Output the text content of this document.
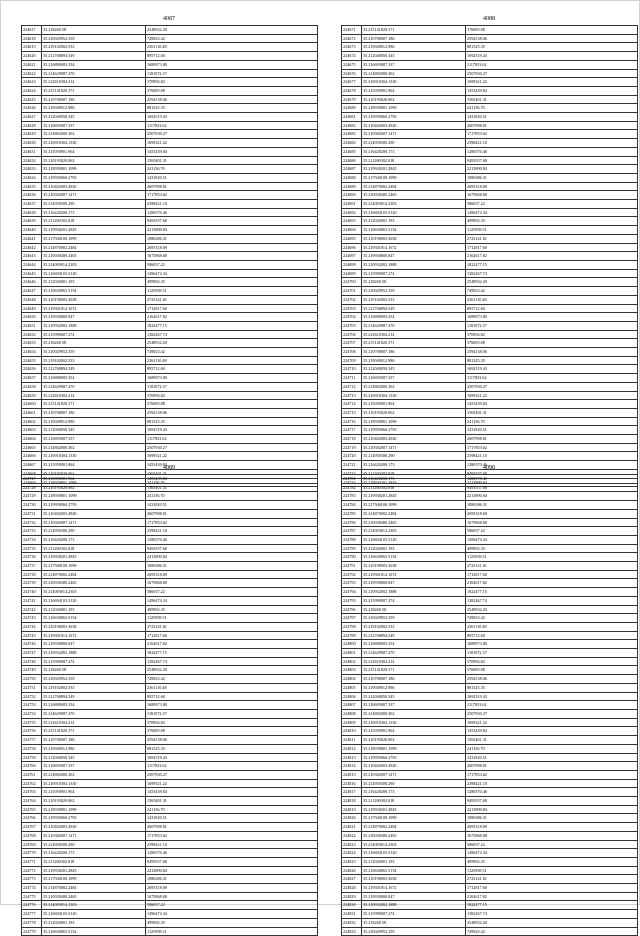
4087
224617	35.218260.58	2548932.20
224618	35.210029952.359	749023.42
224619	35.219102002.533	2361110.48
224620	35.212768894.549	895712.60
224621	35.216880693.354	1689973.80
224622	35.214629087.470	1181072.37
224623	35.212610304.214	370994.82
224624	35.215141820.371	376695.88
224625	35.210700007.186	2594138.06
224626	35.219049012.986	881325.35
224627	35.212040050.345	1692519.43
224628	35.216693007.337	1117833.62
224629	35.214802000.302	2507930.27
224630	35.216910304.1330	1699321.22
224631	35.215050901.964	1453439.84
224632	35.210193020.062	1565401.31
224633	35.218939801.1099	241156.70
224634	35.219950060.2793	1431820.51
224635	35.210402003.4920	2607998.01
224636	35.210382007.1471	1717853.62
224637	35.214950300.290	2398421.10
224638	35.216420200.173	1280370.46
224639	35.211260302.018	9493557.68
224640	35.219930201.2845	2213890.84
224641	35.217940100.1099	1086386.31
224642	35.214870002.2484	2695318.69
224643	35.210030400.2465	1675868.68
224644	35.214003014.2303	586037.22
224645	35.216694103.5120	1496474.34
224646	35.212020001.193	499992.35
224647	35.216630063.5154	1125958.51
224648	35.210190003.3638	2723141.61
224649	35.219301014.1672	1712817.60
224650	35.219930800.047	2162617.82
224651	35.210932002.1888	1822477.15
224652	35.215990007.274	1382267.74
224653	35.218260.58	2548932.20
224654	35.210029952.359	749023.42
224655	35.219102002.533	2361110.48
224656	35.212768894.549	895712.60
224657	35.216880693.354	1689973.80
224658	35.214629087.470	1181072.37
224659	35.212610304.214	370994.82
224660	35.215141820.371	376695.88
224661	35.210700007.186	2594138.06
224662	35.219049012.986	881325.35
224663	35.212040050.345	1692519.43
224664	35.216693007.337	1117833.62
224665	35.214802000.302	2507930.27
224666	35.216910304.1330	1699321.22
224667	35.215050901.964	1453439.84
224668	35.210193020.062	1565401.31
224669	35.218939801.1099	241156.70
4088
224671	35.215141820.371	376695.88
224672	35.210700007.186	2594138.06
224673	35.219049012.986	881325.35
224674	35.212040050.345	1692519.43
224675	35.216693007.337	1117833.62
224676	35.214802000.302	2507930.27
224677	35.216910304.1330	1699321.22
224678	35.215050901.964	1453439.84
224679	35.210193020.062	1565401.31
224680	35.218939801.1099	241156.70
224681	35.219950060.2793	1431820.51
224682	35.210402003.4920	2607998.01
224683	35.210382007.1471	1717853.62
224684	35.214950300.290	2398421.10
224685	35.216420200.173	1280370.46
224686	35.211260302.018	9493557.68
224687	35.219930201.2845	2213890.84
224688	35.217940100.1099	1086386.31
224689	35.214870002.2484	2695318.69
224690	35.210030400.2465	1675868.68
224691	35.214003014.2303	586037.22
224692	35.216694103.5120	1496474.34
224693	35.212020001.193	499992.35
224694	35.216630063.5154	1125958.51
224695	35.210190003.3638	2723141.61
224696	35.219301014.1672	1712817.60
224697	35.219930800.047	2162617.82
224698	35.210932002.1888	1822477.15
224699	35.215990007.274	1382267.74
224700	35.218260.58	2548932.20
224701	35.210029952.359	749023.42
224702	35.219102002.533	2361110.48
224703	35.212768894.549	895712.60
224704	35.216880693.354	1689973.80
224705	35.214629087.470	1181072.37
224706	35.212610304.214	370994.82
224707	35.215141820.371	376695.88
224708	35.210700007.186	2594138.06
224709	35.219049012.986	881325.35
224710	35.212040050.345	1692519.43
224711	35.216693007.337	1117833.62
224712	35.214802000.302	2507930.27
224713	35.216910304.1330	1699321.22
224714	35.215050901.964	1453439.84
224715	35.210193020.062	1565401.31
224716	35.218939801.1099	241156.70
224717	35.219950060.2793	1431820.51
224718	35.210402003.4920	2607998.01
224719	35.210382007.1471	1717853.62
224720	35.214950300.290	2398421.10
224721	35.216420200.173	1280370.46
224722	35.211260302.018	9493557.68
224723	35.219930201.2845	2213890.84
4089
224727	35.215050901.964	1453439.84
224728	35.210193020.062	1565401.31
224729	35.218939801.1099	241156.70
224730	35.219950060.2793	1431820.51
224731	35.210402003.4920	2607998.01
224732	35.210382007.1471	1717853.62
224733	35.214950300.290	2398421.10
224734	35.216420200.173	1280370.46
224735	35.211260302.018	9493557.68
224736	35.219930201.2845	2213890.84
224737	35.217940100.1099	1086386.31
224738	35.214870002.2484	2695318.69
224739	35.210030400.2465	1675868.68
224740	35.214003014.2303	586037.22
224741	35.216694103.5120	1496474.34
224742	35.212020001.193	499992.35
224743	35.216630063.5154	1125958.51
224744	35.210190003.3638	2723141.61
224745	35.219301014.1672	1712817.60
224746	35.219930800.047	2162617.82
224747	35.210932002.1888	1822477.15
224748	35.215990007.274	1382267.74
224749	35.218260.58	2548932.20
224750	35.210029952.359	749023.42
224751	35.219102002.533	2361110.48
224752	35.212768894.549	895712.60
224753	35.216880693.354	1689973.80
224754	35.214629087.470	1181072.37
224755	35.212610304.214	370994.82
224756	35.215141820.371	376695.88
224757	35.210700007.186	2594138.06
224758	35.219049012.986	881325.35
224759	35.212040050.345	1692519.43
224760	35.216693007.337	1117833.62
224761	35.214802000.302	2507930.27
224762	35.216910304.1330	1699321.22
224763	35.215050901.964	1453439.84
224764	35.210193020.062	1565401.31
224765	35.218939801.1099	241156.70
224766	35.219950060.2793	1431820.51
224767	35.210402003.4920	2607998.01
224768	35.210382007.1471	1717853.62
224769	35.214950300.290	2398421.10
224770	35.216420200.173	1280370.46
224771	35.211260302.018	9493557.68
224772	35.219930201.2845	2213890.84
224773	35.217940100.1099	1086386.31
224774	35.214870002.2484	2695318.69
224775	35.210030400.2465	1675868.68
224776	35.214003014.2303	586037.22
224777	35.216694103.5120	1496474.34
224778	35.212020001.193	499992.35
224779	35.216630063.5154	1125958.51
4090
224781	35.216420200.173	1280370.46
224782	35.211260302.018	9493557.68
224783	35.219930201.2845	2213890.84
224784	35.217940100.1099	1086386.31
224785	35.214870002.2484	2695318.69
224786	35.210030400.2465	1675868.68
224787	35.214003014.2303	586037.22
224788	35.216694103.5120	1496474.34
224789	35.212020001.193	499992.35
224790	35.216630063.5154	1125958.51
224791	35.210190003.3638	2723141.61
224792	35.219301014.1672	1712817.60
224793	35.219930800.047	2162617.82
224794	35.210932002.1888	1822477.15
224795	35.215990007.274	1382267.74
224796	35.218260.58	2548932.20
224797	35.210029952.359	749023.42
224798	35.219102002.533	2361110.48
224799	35.212768894.549	895712.60
224800	35.216880693.354	1689973.80
224801	35.214629087.470	1181072.37
224802	35.212610304.214	370994.82
224803	35.215141820.371	376695.88
224804	35.210700007.186	2594138.06
224805	35.219049012.986	881325.35
224806	35.212040050.345	1692519.43
224807	35.216693007.337	1117833.62
224808	35.214802000.302	2507930.27
224809	35.216910304.1330	1699321.22
224810	35.215050901.964	1453439.84
224811	35.210193020.062	1565401.31
224812	35.218939801.1099	241156.70
224813	35.219950060.2793	1431820.51
224814	35.210402003.4920	2607998.01
224815	35.210382007.1471	1717853.62
224816	35.214950300.290	2398421.10
224817	35.216420200.173	1280370.46
224818	35.211260302.018	9493557.68
224819	35.219930201.2845	2213890.84
224820	35.217940100.1099	1086386.31
224821	35.214870002.2484	2695318.69
224822	35.210030400.2465	1675868.68
224823	35.214003014.2303	586037.22
224824	35.216694103.5120	1496474.34
224825	35.212020001.193	499992.35
224826	35.216630063.5154	1125958.51
224827	35.210190003.3638	2723141.61
224828	35.219301014.1672	1712817.60
224829	35.219930800.047	2162617.82
224830	35.210932002.1888	1822477.15
224831	35.215990007.274	1382267.74
224832	35.218260.58	2548932.20
224833	35.210029952.359	749023.42
